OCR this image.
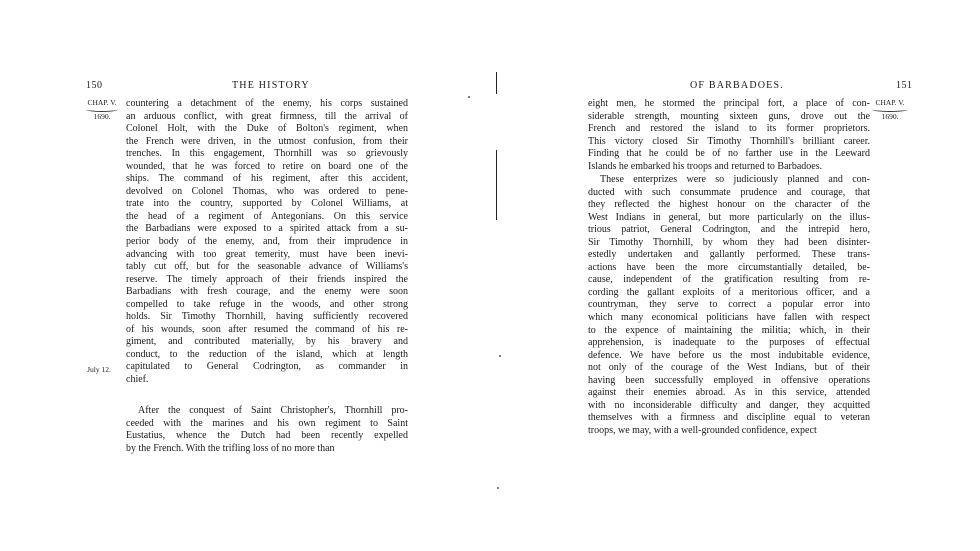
150	THE HISTORY
CHAP. V.
1690.
July 12.
countering a detachment of the enemy, his corps sustained
an arduous conflict, with great firmness, till the arrival of
Colonel Holt, with the Duke of Bolton's regiment, when
the French were driven, in the utmost confusion, from their
trenches. In this engagement, Thornhill was so grievously
wounded, that he was forced to retire on board one of the
ships. The command of his regiment, after this accident,
devolved on Colonel Thomas, who was ordered to pene-
trate into the country, supported by Colonel Williams, at
the head of a regiment of Antegonians. On this service
the Barbadians were exposed to a spirited attack from a su-
perior body of the enemy, and, from their imprudence in
advancing with too great temerity, must have been inevi-
tably cut off, but for the seasonable advance of Williams's
reserve. The timely approach of their friends inspired the
Barbadians with fresh courage, and the enemy were soon
compelled to take refuge in the woods, and other strong
holds. Sir Timothy Thornhill, having sufficiently recovered
of his wounds, soon after resumed the command of his re-
giment, and contributed materially, by his bravery and
conduct, to the reduction of the island, which at length
capitulated to General Codrington, as commander in
chief.
After the conquest of Saint Christopher's, Thornhill pro-
ceeded with the marines and his own regiment to Saint
Eustatius, whence the Dutch had been recently expelled
by the French. With the trifling loss of no more than
OF BARBADOES.	151
CHAP. V.
1690.
eight men, he stormed the principal fort, a place of con-
siderable strength, mounting sixteen guns, drove out the
French and restored the island to its former proprietors.
This victory closed Sir Timothy Thornhill's brilliant career.
Finding that he could be of no farther use in the Leeward
Islands he embarked his troops and returned to Barbadoes.
These enterprizes were so judiciously planned and con-
ducted with such consummate prudence and courage, that
they reflected the highest honour on the character of the
West Indians in general, but more particularly on the illus-
trious patriot, General Codrington, and the intrepid hero,
Sir Timothy Thornhill, by whom they had been disinter-
estedly undertaken and gallantly performed. These trans-
actions have been the more circumstantially detailed, be-
cause, independent of the gratification resulting from re-
cording the gallant exploits of a meritorious officer, and a
countryman, they serve to correct a popular error into
which many economical politicians have fallen with respect
to the expence of maintaining the militia; which, in their
apprehension, is inadequate to the purposes of effectual
defence. We have before us the most indubitable evidence,
not only of the courage of the West Indians, but of their
having been successfully employed in offensive operations
against their enemies abroad. As in this service, attended
with no inconsiderable difficulty and danger, they acquitted
themselves with a firmness and discipline equal to veteran
troops, we may, with a well-grounded confidence, expect
